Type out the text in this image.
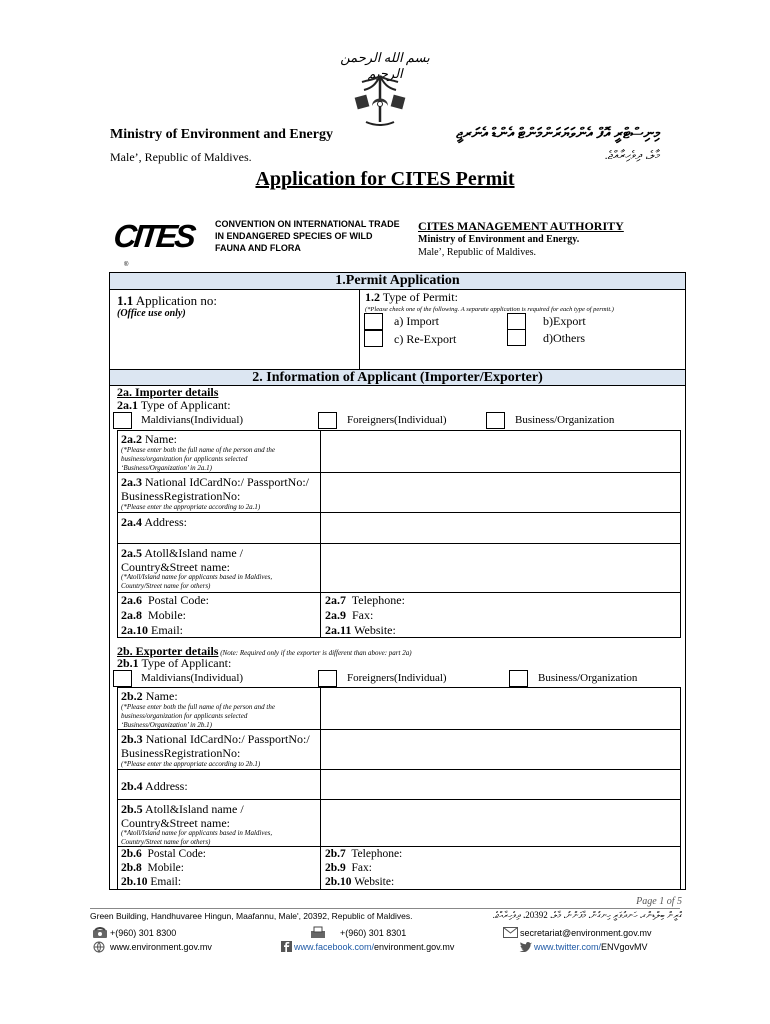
بسم الله الرحمن الرحيم
Ministry of Environment and Energy	މިނިސްޓްރީ އޮފް އެންވަޔަރަންމަންޓް އެންޑް އެނަރޖީ
Male’, Republic of Maldives.	މާލެ، ދިވެހިރާއްޖެ.
Application for CITES Permit
CITES
®
CONVENTION ON INTERNATIONAL TRADE IN ENDANGERED SPECIES OF WILD FAUNA AND FLORA
CITES MANAGEMENT AUTHORITY
Ministry of Environment and Energy.
Male’, Republic of Maldives.
1.Permit Application
1.1 Application no:
(Office use only)
1.2 Type of Permit:
(*Please check one of the following. A separate application is required for each type of permit.)
a) Import	b)Export
c) Re-Export	d)Others
2. Information of Applicant (Importer/Exporter)
2a. Importer details
2a.1 Type of Applicant:
Maldivians(Individual)	Foreigners(Individual)	Business/Organization
2a.2 Name:
(*Please enter both the full name of the person and the business/organization for applicants selected ‘Business/Organization’ in 2a.1)
2a.3 National IdCardNo:/ PassportNo:/ BusinessRegistrationNo:
(*Please enter the appropriate according to 2a.1)
2a.4 Address:
2a.5 Atoll&Island name / Country&Street name:
(*Atoll/Island name for applicants based in Maldives, Country/Street name for others)
2a.6  Postal Code:
2a.8  Mobile:
2a.10 Email:
2a.7  Telephone:
2a.9  Fax:
2a.11 Website:
2b. Exporter details (Note: Required only if the exporter is different than above: part 2a)
2b.1 Type of Applicant:
Maldivians(Individual)	Foreigners(Individual)	Business/Organization
2b.2 Name:
(*Please enter both the full name of the person and the business/organization for applicants selected ‘Business/Organization’ in 2b.1)
2b.3 National IdCardNo:/ PassportNo:/ BusinessRegistrationNo:
(*Please enter the appropriate according to 2b.1)
2b.4 Address:
2b.5 Atoll&Island name / Country&Street name:
(*Atoll/Island name for applicants based in Maldives, Country/Street name for others)
2b.6  Postal Code:
2b.8  Mobile:
2b.10 Email:
2b.7  Telephone:
2b.9  Fax:
2b.10 Website:
Page 1 of 5
Green Building, Handhuvaree Hingun, Maafannu, Male', 20392, Republic of Maldives.	ގްރީން ބިލްޑިންގ، ހަނދުވަރީ ހިނގުން، މާފަންނު، މާލެ، 20392، ދިވެހިރާއްޖެ.
+(960) 301 8300	+(960) 301 8301	secretariat@environment.gov.mv
www.environment.gov.mv	www.facebook.com/environment.gov.mv	www.twitter.com/ENVgovMV
